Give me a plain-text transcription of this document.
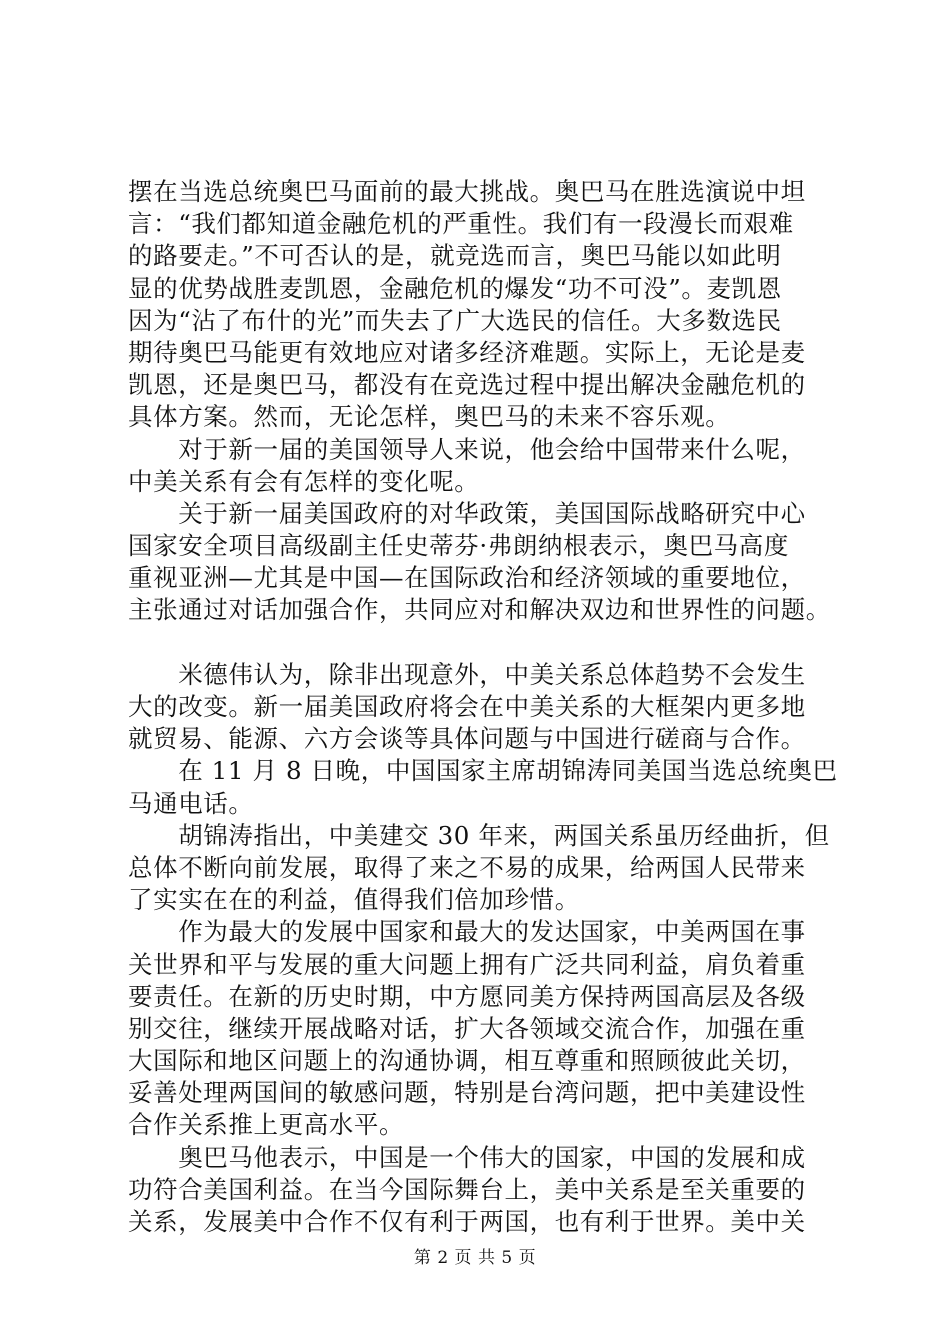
摆在当选总统奥巴马面前的最大挑战。奥巴马在胜选演说中坦
言：“我们都知道金融危机的严重性。我们有一段漫长而艰难
的路要走。”不可否认的是，就竞选而言，奥巴马能以如此明
显的优势战胜麦凯恩，金融危机的爆发“功不可没”。麦凯恩
因为“沾了布什的光”而失去了广大选民的信任。大多数选民
期待奥巴马能更有效地应对诸多经济难题。实际上，无论是麦
凯恩，还是奥巴马，都没有在竞选过程中提出解决金融危机的
具体方案。然而，无论怎样，奥巴马的未来不容乐观。
　　对于新一届的美国领导人来说，他会给中国带来什么呢，
中美关系有会有怎样的变化呢。
　　关于新一届美国政府的对华政策，美国国际战略研究中心
国家安全项目高级副主任史蒂芬·弗朗纳根表示，奥巴马高度
重视亚洲—尤其是中国—在国际政治和经济领域的重要地位，
主张通过对话加强合作，共同应对和解决双边和世界性的问题。
　　米德伟认为，除非出现意外，中美关系总体趋势不会发生
大的改变。新一届美国政府将会在中美关系的大框架内更多地
就贸易、能源、六方会谈等具体问题与中国进行磋商与合作。
　　在 11 月 8 日晚，中国国家主席胡锦涛同美国当选总统奥巴
马通电话。
　　胡锦涛指出，中美建交 30 年来，两国关系虽历经曲折，但
总体不断向前发展，取得了来之不易的成果，给两国人民带来
了实实在在的利益，值得我们倍加珍惜。
　　作为最大的发展中国家和最大的发达国家，中美两国在事
关世界和平与发展的重大问题上拥有广泛共同利益，肩负着重
要责任。在新的历史时期，中方愿同美方保持两国高层及各级
别交往，继续开展战略对话，扩大各领域交流合作，加强在重
大国际和地区问题上的沟通协调，相互尊重和照顾彼此关切，
妥善处理两国间的敏感问题，特别是台湾问题，把中美建设性
合作关系推上更高水平。
　　奥巴马他表示，中国是一个伟大的国家，中国的发展和成
功符合美国利益。在当今国际舞台上，美中关系是至关重要的
关系，发展美中合作不仅有利于两国，也有利于世界。美中关
第 2 页 共 5 页
